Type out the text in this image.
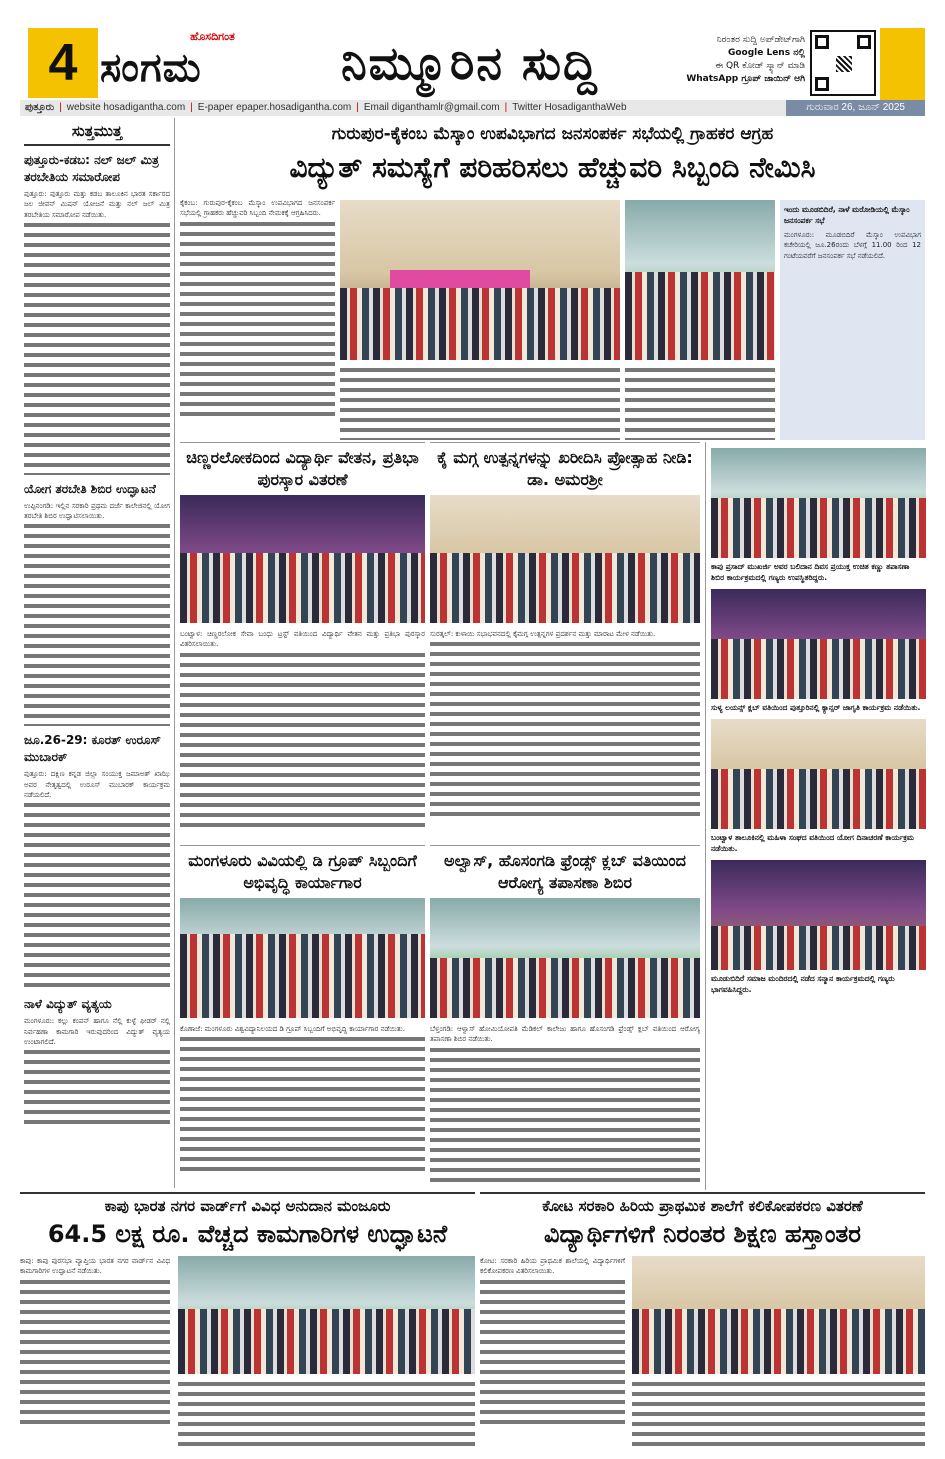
4	ಹೊಸದಿಗಂತ
ಸಂಗಮ	ನಿಮ್ಮೂರಿನ ಸುದ್ದಿ	ನಿರಂತರ ಸುದ್ದಿ ಅಪ್‌ಡೇಟ್‌ಗಾಗಿ
Google Lens ನಲ್ಲಿ
ಈ QR ಕೋಡ್ ಸ್ಕ್ಯಾನ್ ಮಾಡಿ
WhatsApp ಗ್ರೂಪ್ ಜಾಯಿನ್ ಆಗಿ
ಪುತ್ತೂರು | website hosadigantha.com | E-paper epaper.hosadigantha.com | Email diganthamlr@gmail.com | Twitter HosadiganthaWeb	ಗುರುವಾರ 26, ಜೂನ್ 2025
ಸುತ್ತಮುತ್ತ
ಪುತ್ತೂರು-ಕಡಬ: ನಲ್ ಜಲ್ ಮಿತ್ರ ತರಬೇತಿಯ ಸಮಾರೋಪ
ಪುತ್ತೂರು: ಪುತ್ತೂರು ಮತ್ತು ಕಡಬ ತಾಲೂಕಿನ ಭಾರತ ಸರ್ಕಾರದ ಜಲ ಜೀವನ್ ಮಿಷನ್ ಯೋಜನೆ ಮತ್ತು ನಲ್ ಜಲ್ ಮಿತ್ರ ತರಬೇತಿಯ ಸಮಾರೋಪ ನಡೆಯಿತು.
ಯೋಗ ತರಬೇತಿ ಶಿಬಿರ ಉದ್ಘಾಟನೆ
ಉಪ್ಪಿನಂಗಡಿ: ಇಲ್ಲಿನ ಸರಕಾರಿ ಪ್ರಥಮ ದರ್ಜೆ ಕಾಲೇಜಿನಲ್ಲಿ ಯೋಗ ತರಬೇತಿ ಶಿಬಿರ ಉದ್ಘಾಟಿಸಲಾಯಿತು.
ಜೂ.26-29: ಕೂರತ್ ಉರೂಸ್ ಮುಬಾರಕ್
ಪುತ್ತೂರು: ದಕ್ಷಿಣ ಕನ್ನಡ ಜಿಲ್ಲಾ ಸಂಯುಕ್ತ ಜಮಾಅತ್ ಖಾಝಿ ಅವರ ನೇತೃತ್ವದಲ್ಲಿ ಉರೂಸ್ ಮುಬಾರಕ್ ಕಾರ್ಯಕ್ರಮ ನಡೆಯಲಿದೆ.
ನಾಳೆ ವಿದ್ಯುತ್ ವ್ಯತ್ಯಯ
ಮಂಗಳೂರು: ಕಲ್ಲು ಕಂಪನ್ ಹಾಗೂ ನೆಲ್ಲಿ ಕುಳ್ಳೆ ಫೀಡರ್ ನಲ್ಲಿ ನಿರ್ವಹಣಾ ಕಾಮಗಾರಿ ಇರುವುದರಿಂದ ವಿದ್ಯುತ್ ವ್ಯತ್ಯಯ ಉಂಟಾಗಲಿದೆ.
ಗುರುಪುರ-ಕೈಕಂಬ ಮೆಸ್ಕಾಂ ಉಪವಿಭಾಗದ ಜನಸಂಪರ್ಕ ಸಭೆಯಲ್ಲಿ ಗ್ರಾಹಕರ ಆಗ್ರಹ
ವಿದ್ಯುತ್ ಸಮಸ್ಯೆಗೆ ಪರಿಹರಿಸಲು ಹೆಚ್ಚುವರಿ ಸಿಬ್ಬಂದಿ ನೇಮಿಸಿ
ಕೈಕಂಬ: ಗುರುಪುರ-ಕೈಕಂಬ ಮೆಸ್ಕಾಂ ಉಪವಿಭಾಗದ ಜನಸಂಪರ್ಕ ಸಭೆಯಲ್ಲಿ ಗ್ರಾಹಕರು ಹೆಚ್ಚುವರಿ ಸಿಬ್ಬಂದಿ ನೇಮಕಕ್ಕೆ ಆಗ್ರಹಿಸಿದರು.	ಇಂದು ಮೂಡಬಿದಿರೆ, ನಾಳೆ ಮರೋಡಿಯಲ್ಲಿ ಮೆಸ್ಕಾಂ ಜನಸಂಪರ್ಕ ಸಭೆ
ಮಂಗಳೂರು: ಮೂಡಬಿದಿರೆ ಮೆಸ್ಕಾಂ ಉಪವಿಭಾಗ ಕಚೇರಿಯಲ್ಲಿ ಜೂ.26ರಂದು ಬೆಳಗ್ಗೆ 11.00 ರಿಂದ 12 ಗಂಟೆಯವರೆಗೆ ಜನಸಂಪರ್ಕ ಸಭೆ ನಡೆಯಲಿದೆ.
ಚಿಣ್ಣರಲೋಕದಿಂದ ವಿದ್ಯಾರ್ಥಿ ವೇತನ, ಪ್ರತಿಭಾ ಪುರಸ್ಕಾರ ವಿತರಣೆ
ಬಂಟ್ವಾಳ: ಚಿಣ್ಣರಲೋಕ ಸೇವಾ ಬಂಧು ಟ್ರಸ್ಟ್ ವತಿಯಿಂದ ವಿದ್ಯಾರ್ಥಿ ವೇತನ ಮತ್ತು ಪ್ರತಿಭಾ ಪುರಸ್ಕಾರ ವಿತರಿಸಲಾಯಿತು.
ಕೈ ಮಗ್ಗ ಉತ್ಪನ್ನಗಳನ್ನು ಖರೀದಿಸಿ ಪ್ರೋತ್ಸಾಹ ನೀಡಿ: ಡಾ. ಅಮರಶ್ರೀ
ಸುರತ್ಕಲ್: ಕುಳಾಯಿ ಸಭಾಭವನದಲ್ಲಿ ಕೈಮಗ್ಗ ಉತ್ಪನ್ನಗಳ ಪ್ರದರ್ಶನ ಮತ್ತು ಮಾರಾಟ ಮೇಳ ನಡೆಯಿತು.
ಮಂಗಳೂರು ವಿವಿಯಲ್ಲಿ ಡಿ ಗ್ರೂಪ್ ಸಿಬ್ಬಂದಿಗೆ ಅಭಿವೃದ್ಧಿ ಕಾರ್ಯಾಗಾರ
ಕೊಣಾಜೆ: ಮಂಗಳೂರು ವಿಶ್ವವಿದ್ಯಾನಿಲಯದ ಡಿ ಗ್ರೂಪ್ ಸಿಬ್ಬಂದಿಗೆ ಅಭಿವೃದ್ಧಿ ಕಾರ್ಯಾಗಾರ ನಡೆಯಿತು.
ಅಲ್ವಾಸ್, ಹೊಸಂಗಡಿ ಫ್ರೆಂಡ್ಸ್ ಕ್ಲಬ್ ವತಿಯಿಂದ ಆರೋಗ್ಯ ತಪಾಸಣಾ ಶಿಬಿರ
ಬೆಳ್ತಂಗಡಿ: ಆಳ್ವಾಸ್ ಹೋಮಿಯೋಪತಿ ಮೆಡಿಕಲ್ ಕಾಲೇಜು ಹಾಗೂ ಹೊಸಂಗಡಿ ಫ್ರೆಂಡ್ಸ್ ಕ್ಲಬ್ ವತಿಯಿಂದ ಆರೋಗ್ಯ ತಪಾಸಣಾ ಶಿಬಿರ ನಡೆಯಿತು.
ಕಾಪು ಪ್ರಸಾದ್ ಮುಖರ್ಜಿ ಅವರ ಬಲಿದಾನ ದಿವಸ ಪ್ರಯುಕ್ತ ಉಚಿತ ಕಣ್ಣು ತಪಾಸಣಾ ಶಿಬಿರ ಕಾರ್ಯಕ್ರಮದಲ್ಲಿ ಗಣ್ಯರು ಉಪಸ್ಥಿತರಿದ್ದರು.
ಸುಳ್ಯ ಲಯನ್ಸ್ ಕ್ಲಬ್ ವತಿಯಿಂದ ಪುತ್ತೂರಿನಲ್ಲಿ ಕ್ಯಾನ್ಸರ್ ಜಾಗೃತಿ ಕಾರ್ಯಕ್ರಮ ನಡೆಯಿತು.
ಬಂಟ್ವಾಳ ತಾಲೂಕಿನಲ್ಲಿ ಮಹಿಳಾ ಸಂಘದ ವತಿಯಿಂದ ಯೋಗ ದಿನಾಚರಣೆ ಕಾರ್ಯಕ್ರಮ ನಡೆಯಿತು.
ಮೂಡುಬಿದಿರೆ ಸಮಾಜ ಮಂದಿರದಲ್ಲಿ ನಡೆದ ಸನ್ಮಾನ ಕಾರ್ಯಕ್ರಮದಲ್ಲಿ ಗಣ್ಯರು ಭಾಗವಹಿಸಿದ್ದರು.
ಕಾಪು ಭಾರತ ನಗರ ವಾರ್ಡ್‌ಗೆ ವಿವಿಧ ಅನುದಾನ ಮಂಜೂರು
64.5 ಲಕ್ಷ ರೂ. ವೆಚ್ಚದ ಕಾಮಗಾರಿಗಳ ಉದ್ಘಾಟನೆ
ಕಾಪು: ಕಾಪು ಪುರಸಭಾ ವ್ಯಾಪ್ತಿಯ ಭಾರತ ನಗರ ವಾರ್ಡ್‌ನ ವಿವಿಧ ಕಾಮಗಾರಿಗಳ ಉದ್ಘಾಟನೆ ನಡೆಯಿತು.
ಕೋಟ ಸರಕಾರಿ ಹಿರಿಯ ಪ್ರಾಥಮಿಕ ಶಾಲೆಗೆ ಕಲಿಕೋಪಕರಣ ವಿತರಣೆ
ವಿದ್ಯಾರ್ಥಿಗಳಿಗೆ ನಿರಂತರ ಶಿಕ್ಷಣ ಹಸ್ತಾಂತರ
ಕೋಟ: ಸರಕಾರಿ ಹಿರಿಯ ಪ್ರಾಥಮಿಕ ಶಾಲೆಯಲ್ಲಿ ವಿದ್ಯಾರ್ಥಿಗಳಿಗೆ ಕಲಿಕೋಪಕರಣ ವಿತರಿಸಲಾಯಿತು.
